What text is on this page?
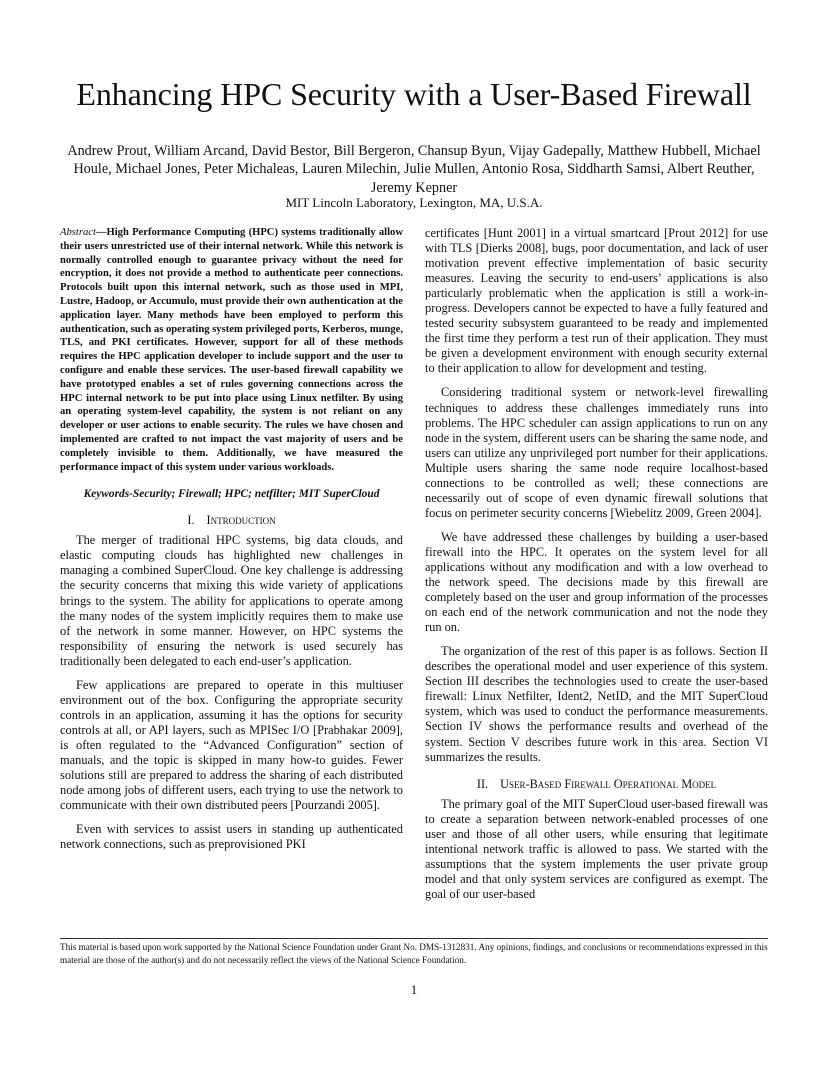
Enhancing HPC Security with a User-Based Firewall

Andrew Prout, William Arcand, David Bestor, Bill Bergeron, Chansup Byun, Vijay Gadepally, Matthew Hubbell, Michael Houle, Michael Jones, Peter Michaleas, Lauren Milechin, Julie Mullen, Antonio Rosa, Siddharth Samsi, Albert Reuther, Jeremy Kepner

MIT Lincoln Laboratory, Lexington, MA, U.S.A.

Abstract—High Performance Computing (HPC) systems traditionally allow their users unrestricted use of their internal network. While this network is normally controlled enough to guarantee privacy without the need for encryption, it does not provide a method to authenticate peer connections. Protocols built upon this internal network, such as those used in MPI, Lustre, Hadoop, or Accumulo, must provide their own authentication at the application layer. Many methods have been employed to perform this authentication, such as operating system privileged ports, Kerberos, munge, TLS, and PKI certificates. However, support for all of these methods requires the HPC application developer to include support and the user to configure and enable these services. The user-based firewall capability we have prototyped enables a set of rules governing connections across the HPC internal network to be put into place using Linux netfilter. By using an operating system-level capability, the system is not reliant on any developer or user actions to enable security. The rules we have chosen and implemented are crafted to not impact the vast majority of users and be completely invisible to them. Additionally, we have measured the performance impact of this system under various workloads.

Keywords-Security; Firewall; HPC; netfilter; MIT SuperCloud

I. Introduction

The merger of traditional HPC systems, big data clouds, and elastic computing clouds has highlighted new challenges in managing a combined SuperCloud. One key challenge is addressing the security concerns that mixing this wide variety of applications brings to the system. The ability for applications to operate among the many nodes of the system implicitly requires them to make use of the network in some manner. However, on HPC systems the responsibility of ensuring the network is used securely has traditionally been delegated to each end-user’s application.

Few applications are prepared to operate in this multiuser environment out of the box. Configuring the appropriate security controls in an application, assuming it has the options for security controls at all, or API layers, such as MPISec I/O [Prabhakar 2009], is often regulated to the “Advanced Configuration” section of manuals, and the topic is skipped in many how-to guides. Fewer solutions still are prepared to address the sharing of each distributed node among jobs of different users, each trying to use the network to communicate with their own distributed peers [Pourzandi 2005].

Even with services to assist users in standing up authenticated network connections, such as preprovisioned PKI

certificates [Hunt 2001] in a virtual smartcard [Prout 2012] for use with TLS [Dierks 2008], bugs, poor documentation, and lack of user motivation prevent effective implementation of basic security measures. Leaving the security to end-users’ applications is also particularly problematic when the application is still a work-in-progress. Developers cannot be expected to have a fully featured and tested security subsystem guaranteed to be ready and implemented the first time they perform a test run of their application. They must be given a development environment with enough security external to their application to allow for development and testing.

Considering traditional system or network-level firewalling techniques to address these challenges immediately runs into problems. The HPC scheduler can assign applications to run on any node in the system, different users can be sharing the same node, and users can utilize any unprivileged port number for their applications. Multiple users sharing the same node require localhost-based connections to be controlled as well; these connections are necessarily out of scope of even dynamic firewall solutions that focus on perimeter security concerns [Wiebelitz 2009, Green 2004].

We have addressed these challenges by building a user-based firewall into the HPC. It operates on the system level for all applications without any modification and with a low overhead to the network speed. The decisions made by this firewall are completely based on the user and group information of the processes on each end of the network communication and not the node they run on.

The organization of the rest of this paper is as follows. Section II describes the operational model and user experience of this system. Section III describes the technologies used to create the user-based firewall: Linux Netfilter, Ident2, NetID, and the MIT SuperCloud system, which was used to conduct the performance measurements. Section IV shows the performance results and overhead of the system. Section V describes future work in this area. Section VI summarizes the results.

II. User-Based Firewall Operational Model

The primary goal of the MIT SuperCloud user-based firewall was to create a separation between network-enabled processes of one user and those of all other users, while ensuring that legitimate intentional network traffic is allowed to pass. We started with the assumptions that the system implements the user private group model and that only system services are configured as exempt. The goal of our user-based

This material is based upon work supported by the National Science Foundation under Grant No. DMS-1312831. Any opinions, findings, and conclusions or recommendations expressed in this material are those of the author(s) and do not necessarily reflect the views of the National Science Foundation.

1
